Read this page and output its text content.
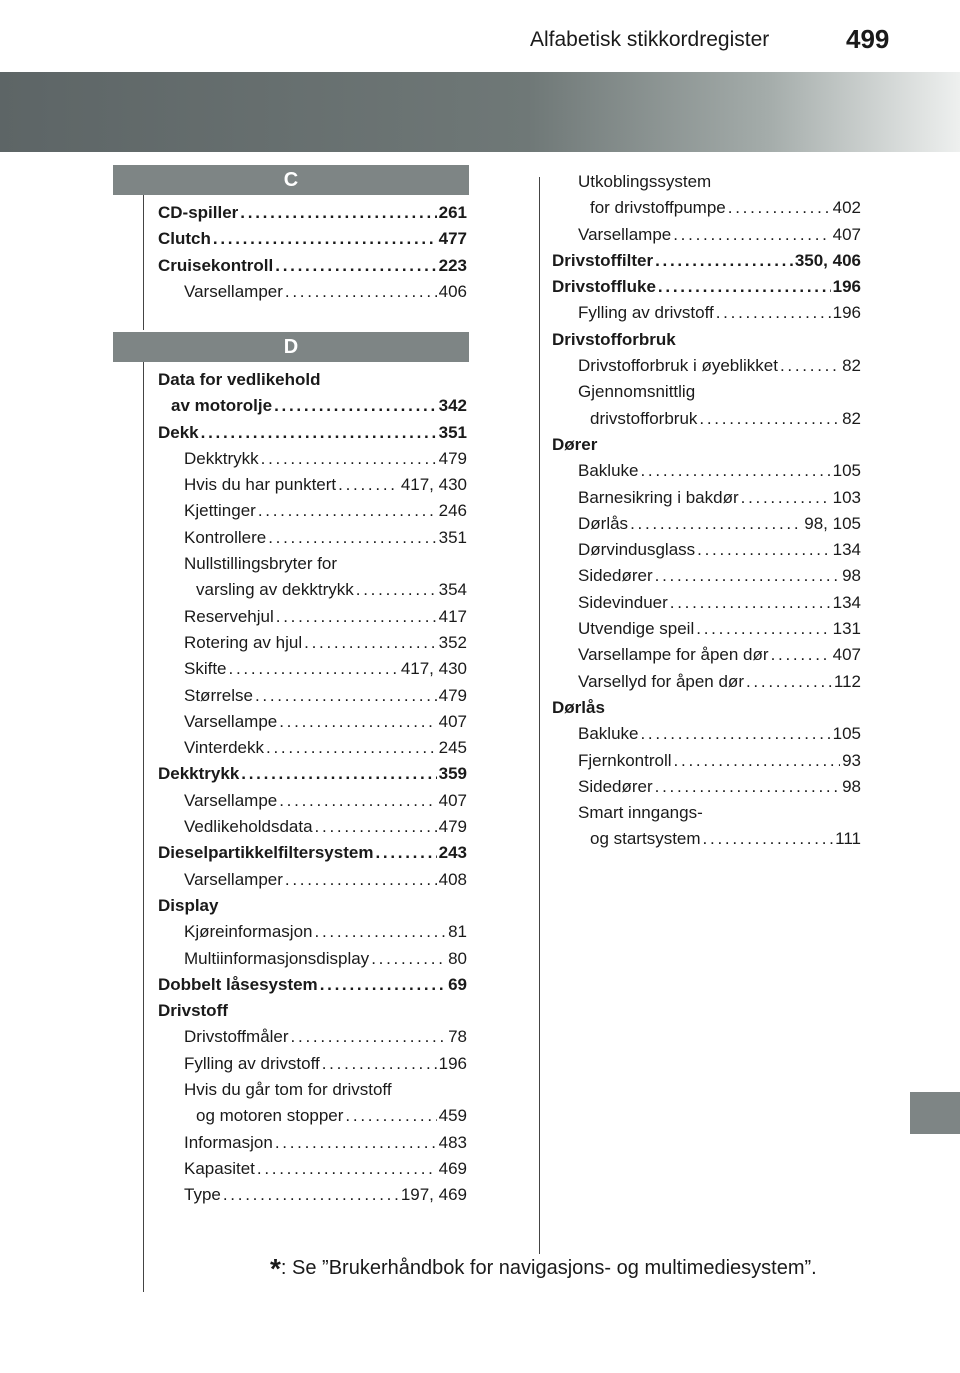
Alfabetisk stikkordregister	499
C
D
CD-spiller . . .	261
Clutch . . .	477
Cruisekontroll . . .	223
Varsellamper . . .	406
Data for vedlikehold
av motorolje . . .	342
Dekk . . .	351
Dekktrykk . . .	479
Hvis du har punktert . . .	417, 430
Kjettinger . . .	246
Kontrollere . . .	351
Nullstillingsbryter for
varsling av dekktrykk . . .	354
Reservehjul . . .	417
Rotering av hjul . . .	352
Skifte . . .	417, 430
Størrelse . . .	479
Varsellampe . . .	407
Vinterdekk . . .	245
Dekktrykk . . .	359
Varsellampe . . .	407
Vedlikeholdsdata . . .	479
Dieselpartikkelfiltersystem . . .	243
Varsellamper . . .	408
Display
Kjøreinformasjon . . .	81
Multiinformasjonsdisplay . . .	80
Dobbelt låsesystem . . .	69
Drivstoff
Drivstoffmåler . . .	78
Fylling av drivstoff . . .	196
Hvis du går tom for drivstoff
og motoren stopper . . .	459
Informasjon . . .	483
Kapasitet . . .	469
Type . . .	197, 469
Utkoblingssystem
for drivstoffpumpe . . .	402
Varsellampe . . .	407
Drivstoffilter . . .	350, 406
Drivstoffluke . . .	196
Fylling av drivstoff . . .	196
Drivstofforbruk
Drivstofforbruk i øyeblikket . . .	82
Gjennomsnittlig
drivstofforbruk . . .	82
Dører
Bakluke . . .	105
Barnesikring i bakdør . . .	103
Dørlås . . .	98, 105
Dørvindusglass . . .	134
Sidedører . . .	98
Sidevinduer . . .	134
Utvendige speil . . .	131
Varsellampe for åpen dør . . .	407
Varsellyd for åpen dør . . .	112
Dørlås
Bakluke . . .	105
Fjernkontroll . . .	93
Sidedører . . .	98
Smart inngangs-
og startsystem . . .	111
*: Se ”Brukerhåndbok for navigasjons- og multimediesystem”.
